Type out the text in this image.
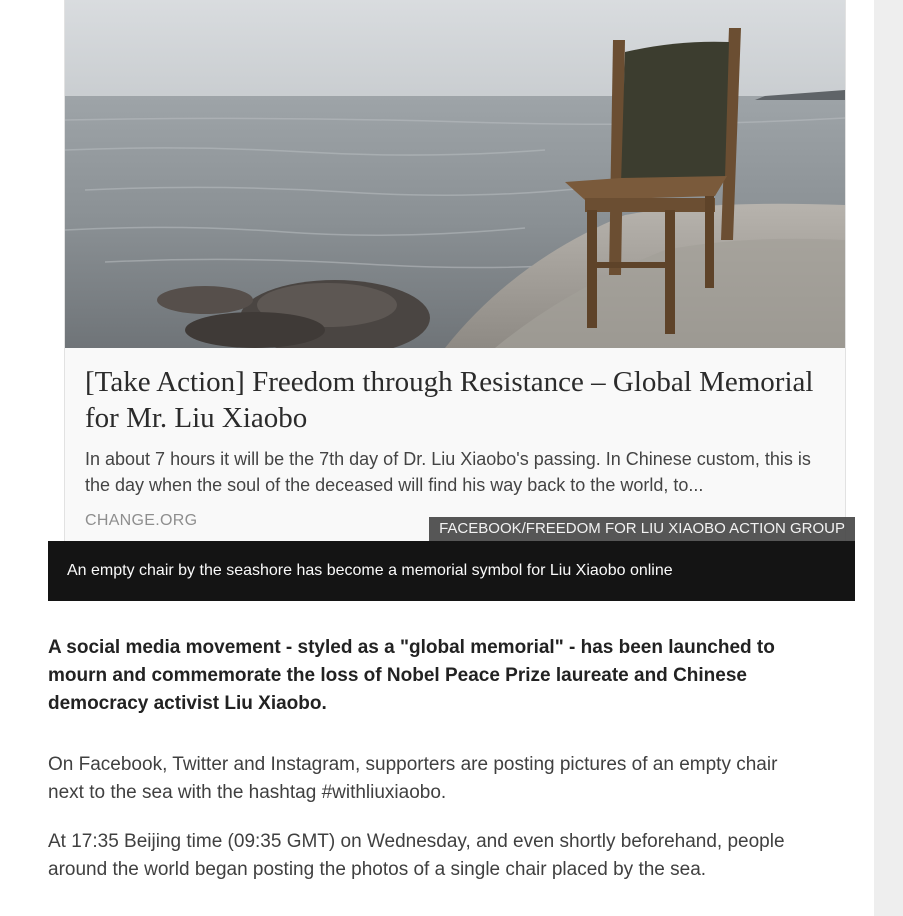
[Take Action] Freedom through Resistance – Global Memorial for Mr. Liu Xiaobo
In about 7 hours it will be the 7th day of Dr. Liu Xiaobo's passing. In Chinese custom, this is the day when the soul of the deceased will find his way back to the world, to...
CHANGE.ORG	FACEBOOK/FREEDOM FOR LIU XIAOBO ACTION GROUP
An empty chair by the seashore has become a memorial symbol for Liu Xiaobo online

A social media movement - styled as a "global memorial" - has been launched to mourn and commemorate the loss of Nobel Peace Prize laureate and Chinese democracy activist Liu Xiaobo.

On Facebook, Twitter and Instagram, supporters are posting pictures of an empty chair next to the sea with the hashtag #withliuxiaobo.

At 17:35 Beijing time (09:35 GMT) on Wednesday, and even shortly beforehand, people around the world began posting the photos of a single chair placed by the sea.
